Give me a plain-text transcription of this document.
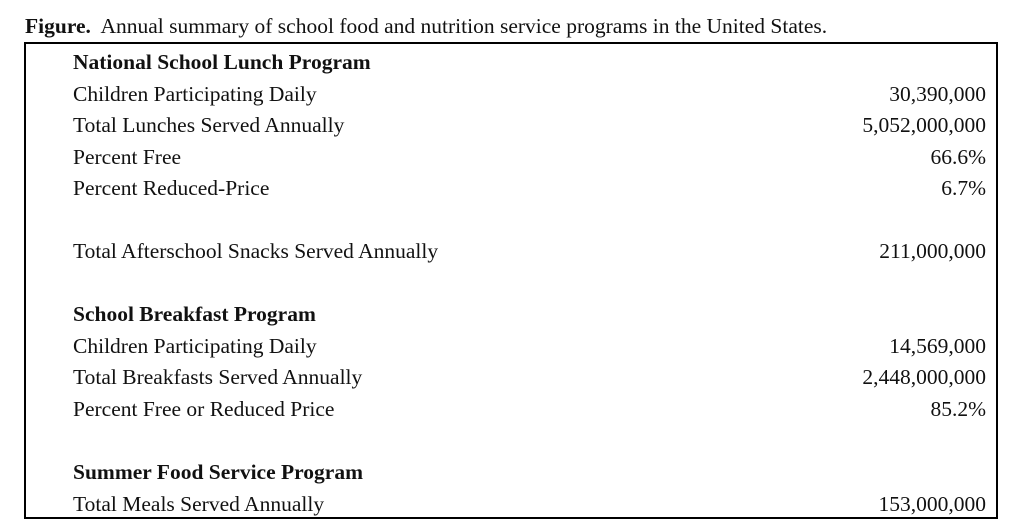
Figure. Annual summary of school food and nutrition service programs in the United States.
National School Lunch Program
Children Participating Daily	30,390,000
Total Lunches Served Annually	5,052,000,000
Percent Free	66.6%
Percent Reduced-Price	6.7%
Total Afterschool Snacks Served Annually	211,000,000
School Breakfast Program
Children Participating Daily	14,569,000
Total Breakfasts Served Annually	2,448,000,000
Percent Free or Reduced Price	85.2%
Summer Food Service Program
Total Meals Served Annually	153,000,000
